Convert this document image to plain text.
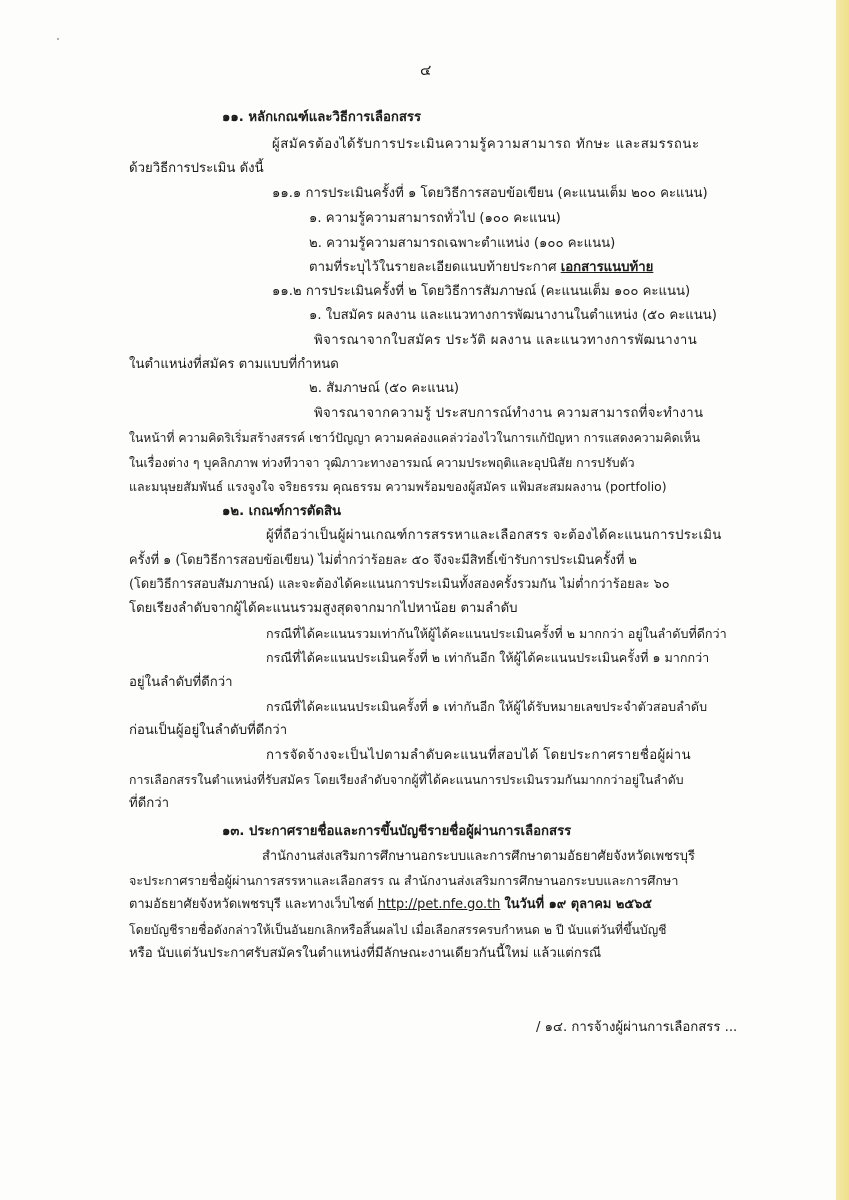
๔

๑๑. หลักเกณฑ์และวิธีการเลือกสรร

ผู้สมัครต้องได้รับการประเมินความรู้ความสามารถ ทักษะ และสมรรถนะ

ด้วยวิธีการประเมิน ดังนี้

๑๑.๑ การประเมินครั้งที่ ๑ โดยวิธีการสอบข้อเขียน (คะแนนเต็ม ๒๐๐ คะแนน)

๑. ความรู้ความสามารถทั่วไป (๑๐๐ คะแนน)

๒. ความรู้ความสามารถเฉพาะตำแหน่ง (๑๐๐ คะแนน)

ตามที่ระบุไว้ในรายละเอียดแนบท้ายประกาศ เอกสารแนบท้าย

๑๑.๒ การประเมินครั้งที่ ๒ โดยวิธีการสัมภาษณ์ (คะแนนเต็ม ๑๐๐ คะแนน)

๑. ใบสมัคร ผลงาน และแนวทางการพัฒนางานในตำแหน่ง (๕๐ คะแนน)

พิจารณาจากใบสมัคร ประวัติ ผลงาน และแนวทางการพัฒนางาน

ในตำแหน่งที่สมัคร ตามแบบที่กำหนด

๒. สัมภาษณ์ (๕๐ คะแนน)

พิจารณาจากความรู้ ประสบการณ์ทำงาน ความสามารถที่จะทำงาน

ในหน้าที่ ความคิดริเริ่มสร้างสรรค์ เชาว์ปัญญา ความคล่องแคล่วว่องไวในการแก้ปัญหา การแสดงความคิดเห็น

ในเรื่องต่าง ๆ บุคลิกภาพ ท่วงทีวาจา วุฒิภาวะทางอารมณ์ ความประพฤติและอุปนิสัย การปรับตัว

และมนุษยสัมพันธ์ แรงจูงใจ จริยธรรม คุณธรรม ความพร้อมของผู้สมัคร แฟ้มสะสมผลงาน (portfolio)

๑๒. เกณฑ์การตัดสิน

ผู้ที่ถือว่าเป็นผู้ผ่านเกณฑ์การสรรหาและเลือกสรร จะต้องได้คะแนนการประเมิน

ครั้งที่ ๑ (โดยวิธีการสอบข้อเขียน) ไม่ต่ำกว่าร้อยละ ๕๐ จึงจะมีสิทธิ์เข้ารับการประเมินครั้งที่ ๒

(โดยวิธีการสอบสัมภาษณ์) และจะต้องได้คะแนนการประเมินทั้งสองครั้งรวมกัน ไม่ต่ำกว่าร้อยละ ๖๐

โดยเรียงลำดับจากผู้ได้คะแนนรวมสูงสุดจากมากไปหาน้อย ตามลำดับ

กรณีที่ได้คะแนนรวมเท่ากันให้ผู้ได้คะแนนประเมินครั้งที่ ๒ มากกว่า อยู่ในลำดับที่ดีกว่า

กรณีที่ได้คะแนนประเมินครั้งที่ ๒ เท่ากันอีก ให้ผู้ได้คะแนนประเมินครั้งที่ ๑ มากกว่า

อยู่ในลำดับที่ดีกว่า

กรณีที่ได้คะแนนประเมินครั้งที่ ๑ เท่ากันอีก ให้ผู้ได้รับหมายเลขประจำตัวสอบลำดับ

ก่อนเป็นผู้อยู่ในลำดับที่ดีกว่า

การจัดจ้างจะเป็นไปตามลำดับคะแนนที่สอบได้ โดยประกาศรายชื่อผู้ผ่าน

การเลือกสรรในตำแหน่งที่รับสมัคร โดยเรียงลำดับจากผู้ที่ได้คะแนนการประเมินรวมกันมากกว่าอยู่ในลำดับ

ที่ดีกว่า

๑๓. ประกาศรายชื่อและการขึ้นบัญชีรายชื่อผู้ผ่านการเลือกสรร

สำนักงานส่งเสริมการศึกษานอกระบบและการศึกษาตามอัธยาศัยจังหวัดเพชรบุรี

จะประกาศรายชื่อผู้ผ่านการสรรหาและเลือกสรร ณ สำนักงานส่งเสริมการศึกษานอกระบบและการศึกษา

ตามอัธยาศัยจังหวัดเพชรบุรี และทางเว็บไซต์ http://pet.nfe.go.th ในวันที่ ๑๙ ตุลาคม ๒๕๖๕

โดยบัญชีรายชื่อดังกล่าวให้เป็นอันยกเลิกหรือสิ้นผลไป เมื่อเลือกสรรครบกำหนด ๒ ปี นับแต่วันที่ขึ้นบัญชี

หรือ นับแต่วันประกาศรับสมัครในตำแหน่งที่มีลักษณะงานเดียวกันนี้ใหม่ แล้วแต่กรณี

/ ๑๔. การจ้างผู้ผ่านการเลือกสรร ...
